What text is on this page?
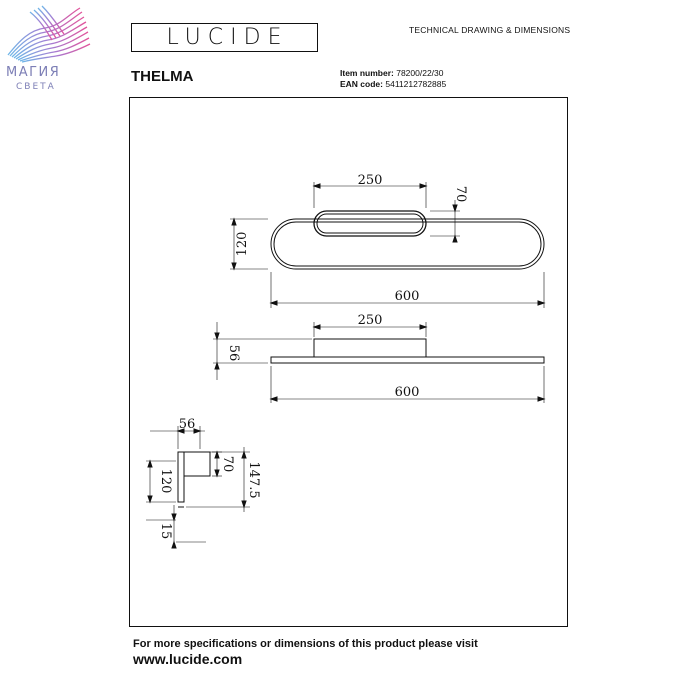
МАГИЯ
СВЕТА
LUCIDE	TECHNICAL DRAWING & DIMENSIONS
THELMA	Item number: 78200/22/30
EAN code: 5411212782885
250
70
120
600
250
56
600
56
70 147.5
120
15
For more specifications or dimensions of this product please visit
www.lucide.com
